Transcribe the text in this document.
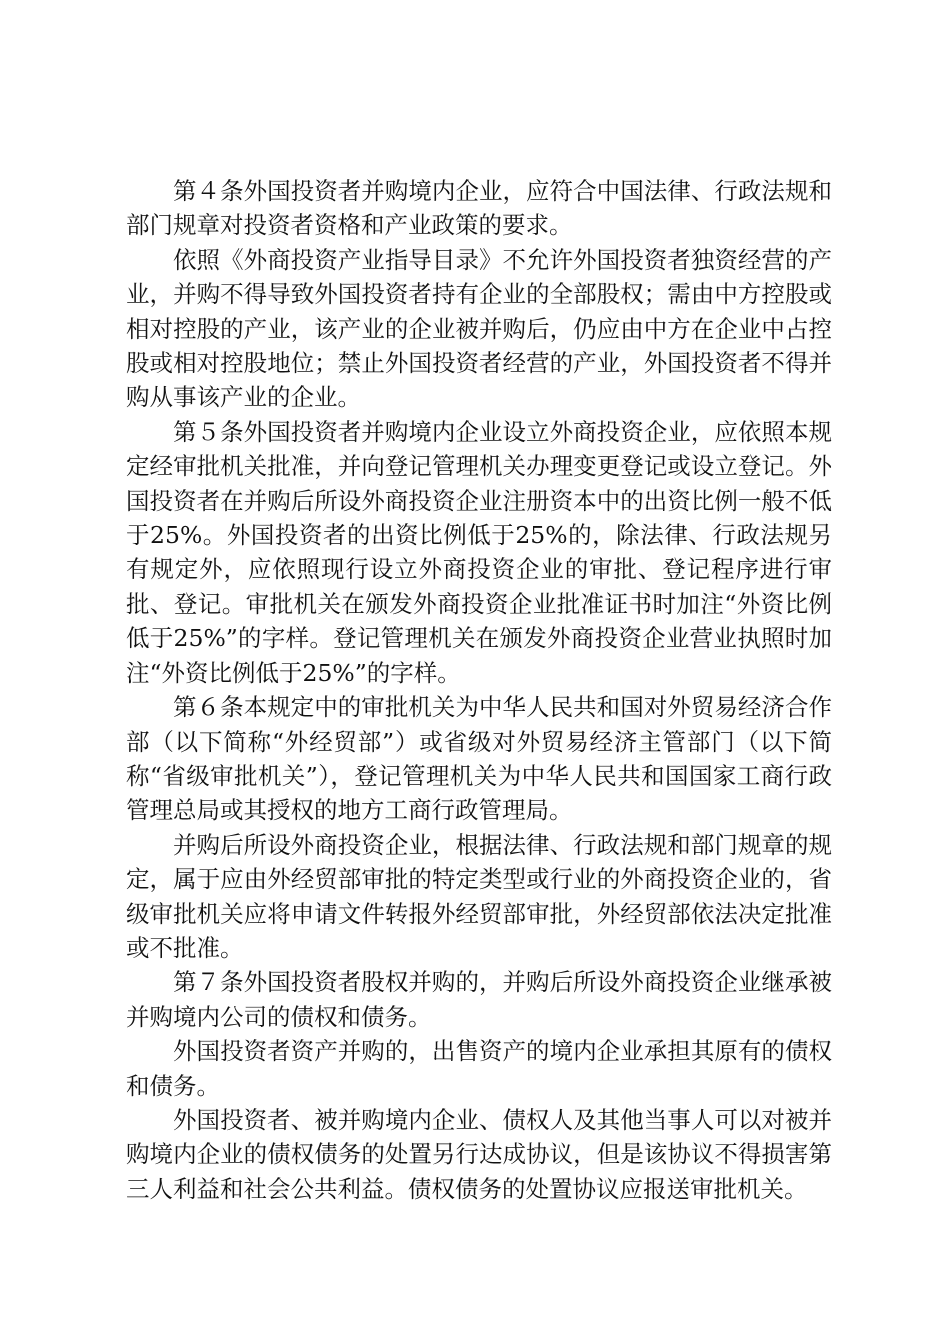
第４条外国投资者并购境内企业，应符合中国法律、行政法规和部门规章对投资者资格和产业政策的要求。

依照《外商投资产业指导目录》不允许外国投资者独资经营的产业，并购不得导致外国投资者持有企业的全部股权；需由中方控股或相对控股的产业，该产业的企业被并购后，仍应由中方在企业中占控股或相对控股地位；禁止外国投资者经营的产业，外国投资者不得并购从事该产业的企业。

第５条外国投资者并购境内企业设立外商投资企业，应依照本规定经审批机关批准，并向登记管理机关办理变更登记或设立登记。外国投资者在并购后所设外商投资企业注册资本中的出资比例一般不低于25%。外国投资者的出资比例低于25%的，除法律、行政法规另有规定外，应依照现行设立外商投资企业的审批、登记程序进行审批、登记。审批机关在颁发外商投资企业批准证书时加注“外资比例低于25%”的字样。登记管理机关在颁发外商投资企业营业执照时加注“外资比例低于25%”的字样。

第６条本规定中的审批机关为中华人民共和国对外贸易经济合作部（以下简称“外经贸部”）或省级对外贸易经济主管部门（以下简称“省级审批机关”），登记管理机关为中华人民共和国国家工商行政管理总局或其授权的地方工商行政管理局。

并购后所设外商投资企业，根据法律、行政法规和部门规章的规定，属于应由外经贸部审批的特定类型或行业的外商投资企业的，省级审批机关应将申请文件转报外经贸部审批，外经贸部依法决定批准或不批准。

第７条外国投资者股权并购的，并购后所设外商投资企业继承被并购境内公司的债权和债务。

外国投资者资产并购的，出售资产的境内企业承担其原有的债权和债务。

外国投资者、被并购境内企业、债权人及其他当事人可以对被并购境内企业的债权债务的处置另行达成协议，但是该协议不得损害第三人利益和社会公共利益。债权债务的处置协议应报送审批机关。
